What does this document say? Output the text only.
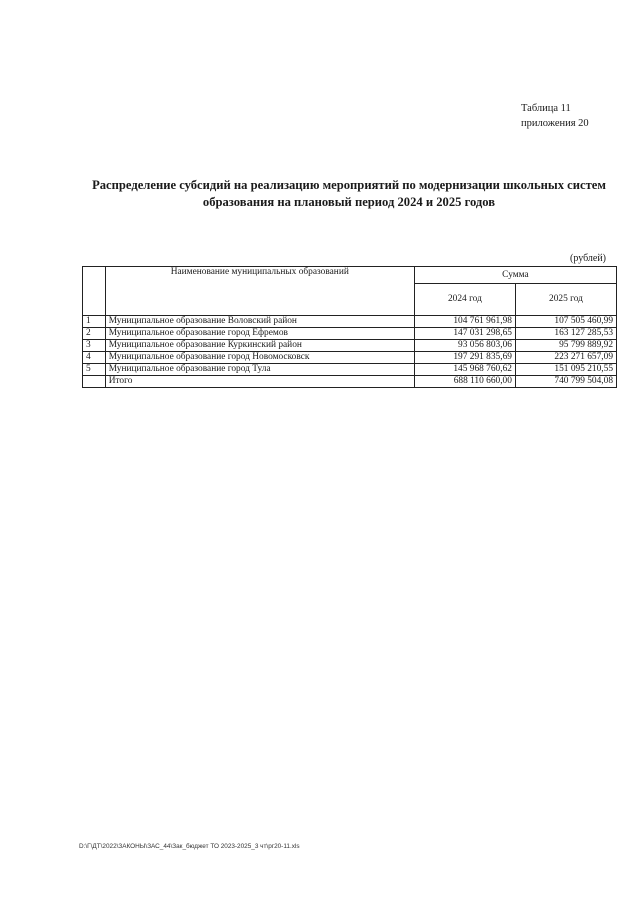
Таблица 11
приложения 20
Распределение субсидий на реализацию мероприятий по модернизации школьных систем
образования на плановый период 2024 и 2025 годов
(рублей)
	Наименование муниципальных образований	Сумма	
		2024 год	2025 год
1	Муниципальное образование Воловский район	104 761 961,98	107 505 460,99
2	Муниципальное образование город Ефремов	147 031 298,65	163 127 285,53
3	Муниципальное образование Куркинский район	93 056 803,06	95 799 889,92
4	Муниципальное образование город Новомосковск	197 291 835,69	223 271 657,09
5	Муниципальное образование город Тула	145 968 760,62	151 095 210,55
	Итого	688 110 660,00	740 799 504,08
D:\Г\ДТ\2022\ЗАКОНЫ\ЗАС_44\Зак_бюджет ТО 2023-2025_3 чт\рг20-11.xls
